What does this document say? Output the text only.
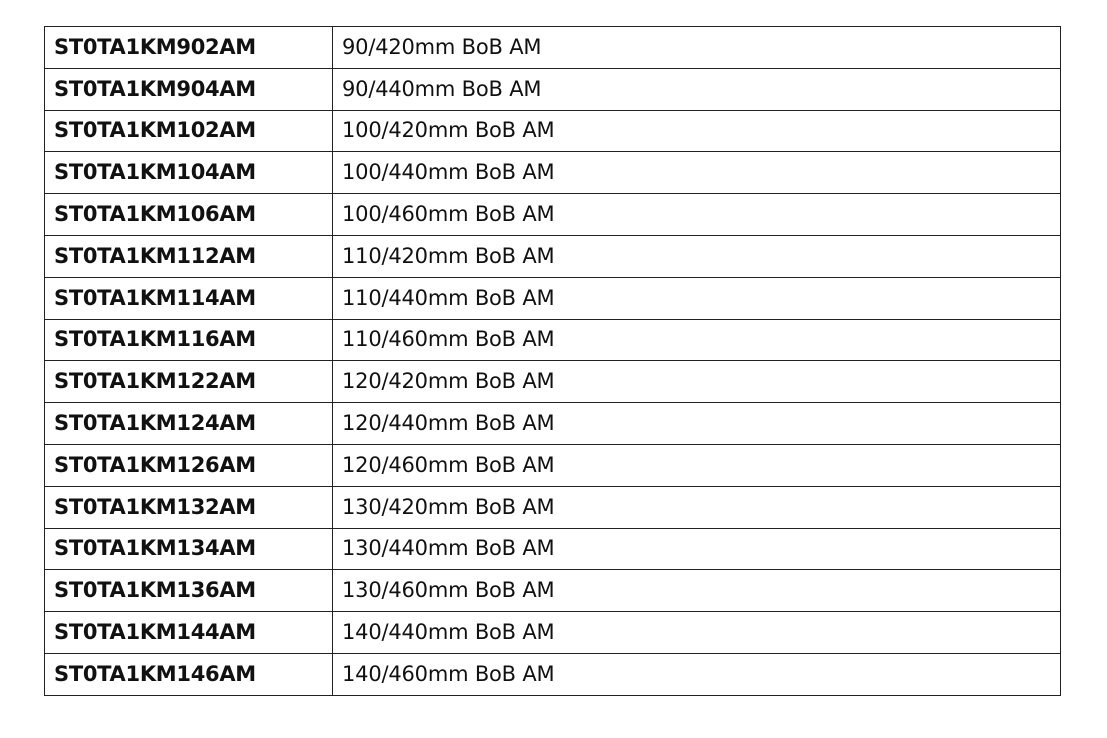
ST0TA1KM902AM	90/420mm BoB AM
ST0TA1KM904AM	90/440mm BoB AM
ST0TA1KM102AM	100/420mm BoB AM
ST0TA1KM104AM	100/440mm BoB AM
ST0TA1KM106AM	100/460mm BoB AM
ST0TA1KM112AM	110/420mm BoB AM
ST0TA1KM114AM	110/440mm BoB AM
ST0TA1KM116AM	110/460mm BoB AM
ST0TA1KM122AM	120/420mm BoB AM
ST0TA1KM124AM	120/440mm BoB AM
ST0TA1KM126AM	120/460mm BoB AM
ST0TA1KM132AM	130/420mm BoB AM
ST0TA1KM134AM	130/440mm BoB AM
ST0TA1KM136AM	130/460mm BoB AM
ST0TA1KM144AM	140/440mm BoB AM
ST0TA1KM146AM	140/460mm BoB AM
